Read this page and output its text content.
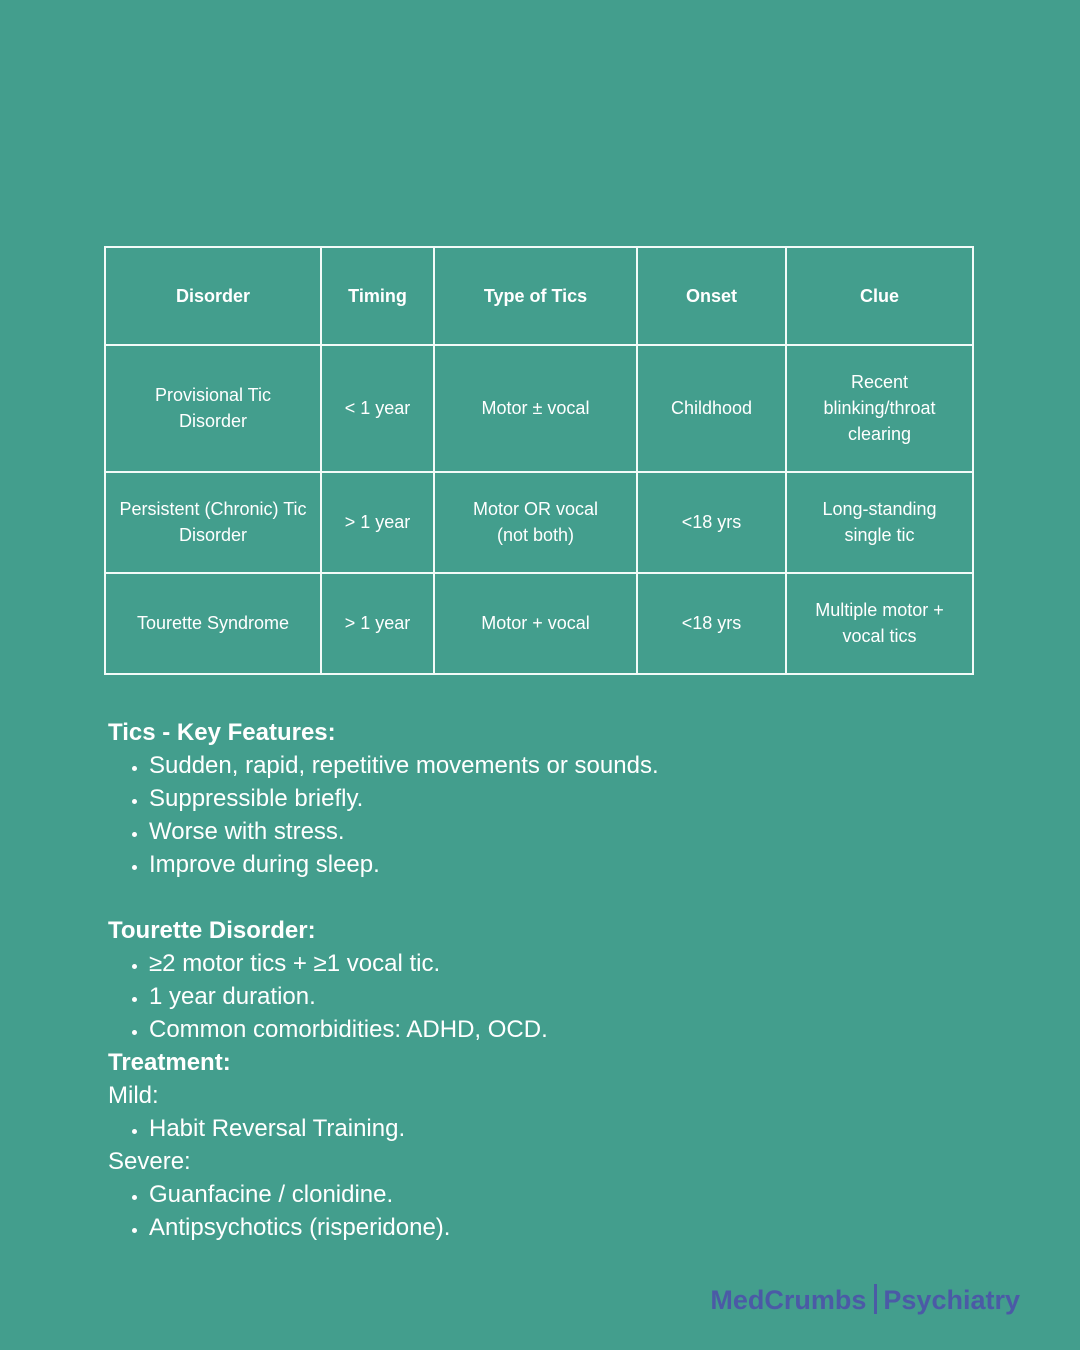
Disorder	Timing	Type of Tics	Onset	Clue
Provisional Tic Disorder	< 1 year	Motor ± vocal	Childhood	Recent blinking/throat clearing
Persistent (Chronic) Tic Disorder	> 1 year	Motor OR vocal (not both)	<18 yrs	Long-standing single tic
Tourette Syndrome	> 1 year	Motor + vocal	<18 yrs	Multiple motor + vocal tics
Tics - Key Features:
• Sudden, rapid, repetitive movements or sounds.
• Suppressible briefly.
• Worse with stress.
• Improve during sleep.
Tourette Disorder:
• ≥2 motor tics + ≥1 vocal tic.
• 1 year duration.
• Common comorbidities: ADHD, OCD.
Treatment:
Mild:
• Habit Reversal Training.
Severe:
• Guanfacine / clonidine.
• Antipsychotics (risperidone).
MedCrumbs Psychiatry
